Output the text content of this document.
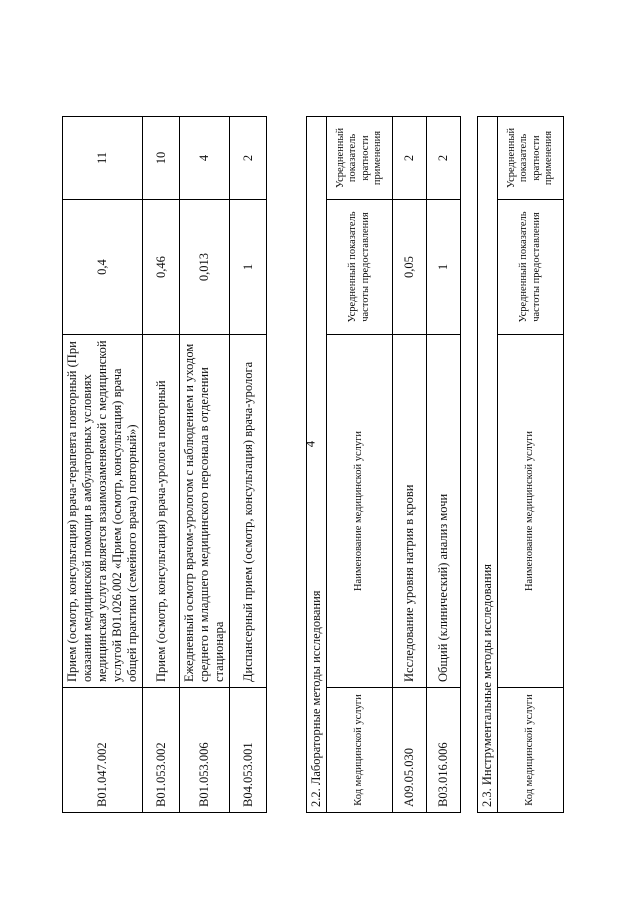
4
B01.047.002	Прием (осмотр, консультация) врача-терапевта повторный (При оказании медицинской помощи в амбулаторных условиях медицинская услуга является взаимозаменяемой с медицинской услугой B01.026.002 «Прием (осмотр, консультация) врача общей практики (семейного врача) повторный»)	0,4	11
B01.053.002	Прием (осмотр, консультация) врача-уролога повторный	0,46	10
B01.053.006	Ежедневный осмотр врачом-урологом с наблюдением и уходом среднего и младшего медицинского персонала в отделении стационара	0,013	4
B04.053.001	Диспансерный прием (осмотр, консультация) врача-уролога	1	2
2.2. Лабораторные методы исследования			
Код медицинской услуги	Наименование медицинской услуги	Усредненный показатель частоты предоставления	Усредненный показатель кратности применения
A09.05.030	Исследование уровня натрия в крови	0,05	2
B03.016.006	Общий (клинический) анализ мочи	1	2
2.3. Инструментальные методы исследования
Код медицинской услуги	Наименование медицинской услуги	Усредненный показатель частоты предоставления	Усредненный показатель кратности применения
